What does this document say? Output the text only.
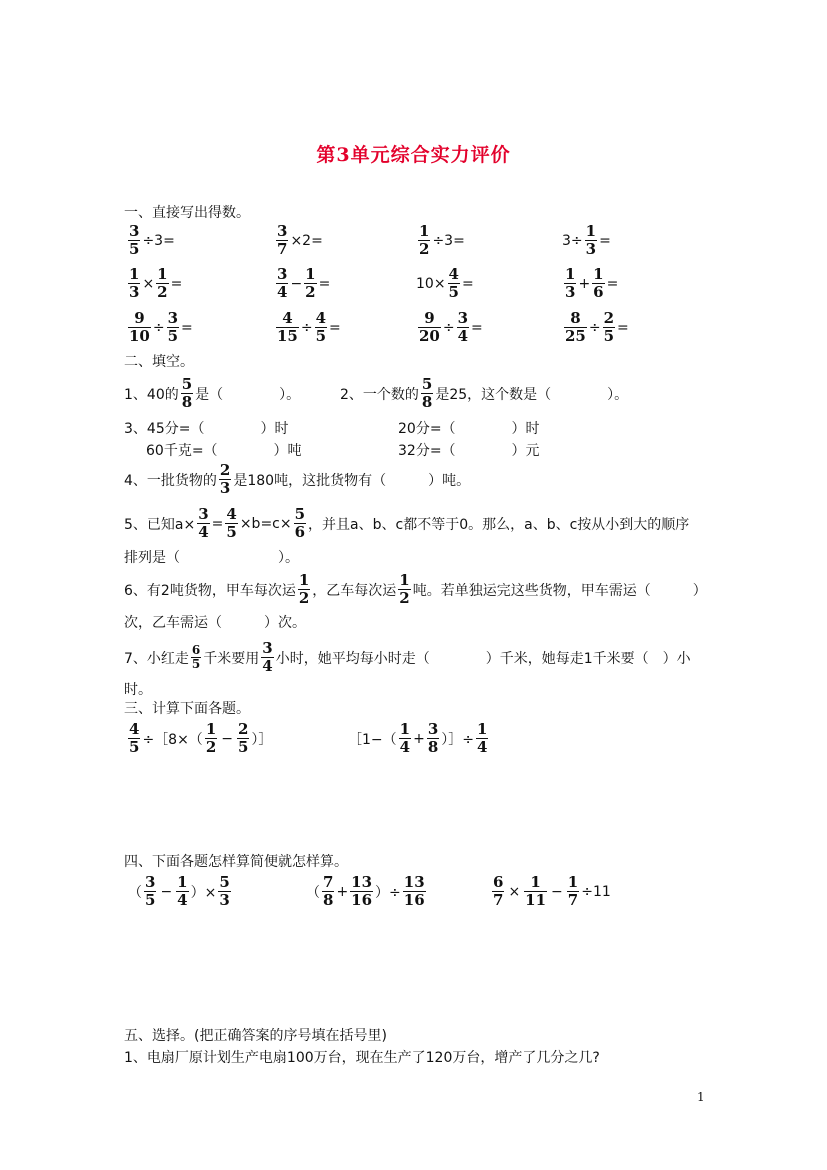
第3单元综合实力评价
一、直接写出得数。
$\frac{3}{5} \div 3=$	$\frac{3}{7} \times 2=$	$\frac{1}{2} \div 3=$	$3\div \frac{1}{3}$ =
$\frac{1}{3} \times \frac{1}{2}$ =	$\frac{3}{4} - \frac{1}{2}$ =	$10\times \frac{4}{5}$ =	$\frac{1}{3} + \frac{1}{6}$ =
$\frac{9}{10} \div \frac{3}{5}$ =	$\frac{4}{15} \div \frac{4}{5}$ =	$\frac{9}{20} \div \frac{3}{4}$ =	$\frac{8}{25} \div \frac{2}{5}$ =
二、填空。
1、40的 $\frac{5}{8}$ 是（　　　　）。	2、一个数的 $\frac{5}{8}$ 是25，这个数是（　　　　）。
3、45分=（　　　　）时	20分=（　　　　）时
60千克=（　　　　）吨	32分=（　　　　）元
4、一批货物的 $\frac{2}{3}$ 是180吨，这批货物有（　　　）吨。
5、已知$a\times \frac{3}{4} = \frac{4}{5} \times b=c\times \frac{5}{6}$ ，并且a、b、c都不等于0。那么，a、b、c按从小到大的顺序
排列是（　　　　　　　）。
6、有2吨货物，甲车每次运 $\frac{1}{2}$ ，乙车每次运 $\frac{1}{2}$ 吨。若单独运完这些货物，甲车需运（　　　）
次，乙车需运（　　　）次。
7、小红走 $\frac{6}{5}$ 千米要用 $\frac{3}{4}$ 小时，她平均每小时走（　　　　）千米，她每走1千米要（　）小
时。
三、计算下面各题。
$\frac{4}{5}$ ÷［8×（ $\frac{1}{2} - \frac{2}{5}$ ）］	［1−（ $\frac{1}{4} + \frac{3}{8}$ ）］÷ $\frac{1}{4}$
四、下面各题怎样算简便就怎样算。
（ $\frac{3}{5} - \frac{1}{4}$ ）× $\frac{5}{3}$	（ $\frac{7}{8} + \frac{13}{16}$ ）÷ $\frac{13}{16}$	$\frac{6}{7} \times \frac{1}{11} - \frac{1}{7} \div 11$
五、选择。(把正确答案的序号填在括号里)
1、电扇厂原计划生产电扇100万台，现在生产了120万台，增产了几分之几?
1
